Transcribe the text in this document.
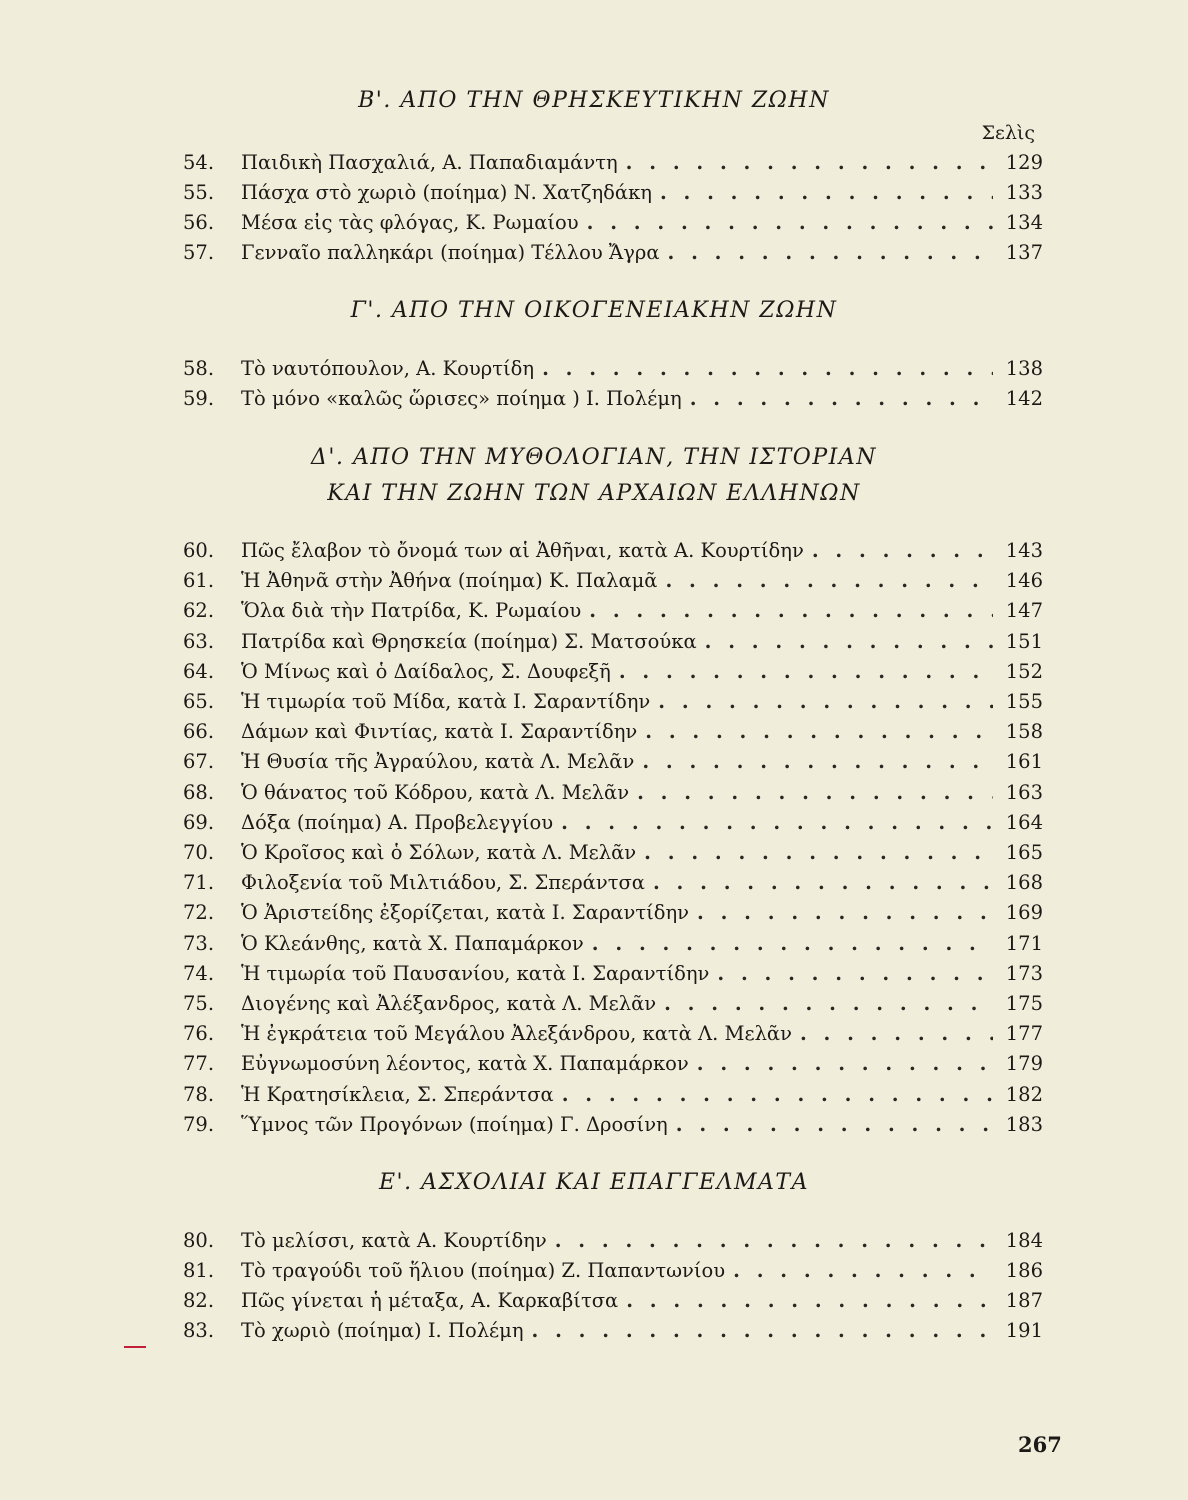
Β'. ΑΠΟ ΤΗΝ ΘΡΗΣΚΕΥΤΙΚΗΝ ΖΩΗΝ
Σελὶς
54.	Παιδικὴ Πασχαλιά, Α. Παπαδιαμάντη . . .	129
55.	Πάσχα στὸ χωριὸ (ποίημα) Ν. Χατζηδάκη . . .	133
56.	Μέσα εἰς τὰς φλόγας, Κ. Ρωμαίου . . .	134
57.	Γενναῖο παλληκάρι (ποίημα) Τέλλου Ἄγρα . . .	137
Γ'. ΑΠΟ ΤΗΝ ΟΙΚΟΓΕΝΕΙΑΚΗΝ ΖΩΗΝ
58.	Τὸ ναυτόπουλον, Α. Κουρτίδη . . .	138
59.	Τὸ μόνο «καλῶς ὥρισες» ποίημα ) Ι. Πολέμη . . .	142
Δ'. ΑΠΟ ΤΗΝ ΜΥΘΟΛΟΓΙΑΝ, ΤΗΝ ΙΣΤΟΡΙΑΝ
ΚΑΙ ΤΗΝ ΖΩΗΝ ΤΩΝ ΑΡΧΑΙΩΝ ΕΛΛΗΝΩΝ
60.	Πῶς ἔλαβον τὸ ὄνομά των αἱ Ἀθῆναι, κατὰ Α. Κουρτίδην . . .	143
61.	Ἡ Ἀθηνᾶ στὴν Ἀθήνα (ποίημα) Κ. Παλαμᾶ . . .	146
62.	Ὅλα διὰ τὴν Πατρίδα, Κ. Ρωμαίου . . .	147
63.	Πατρίδα καὶ Θρησκεία (ποίημα) Σ. Ματσούκα . . .	151
64.	Ὁ Μίνως καὶ ὁ Δαίδαλος, Σ. Δουφεξῆ . . .	152
65.	Ἡ τιμωρία τοῦ Μίδα, κατὰ Ι. Σαραντίδην . . .	155
66.	Δάμων καὶ Φιντίας, κατὰ Ι. Σαραντίδην . . .	158
67.	Ἡ Θυσία τῆς Ἀγραύλου, κατὰ Λ. Μελᾶν . . .	161
68.	Ὁ θάνατος τοῦ Κόδρου, κατὰ Λ. Μελᾶν . . .	163
69.	Δόξα (ποίημα) Α. Προβελεγγίου . . .	164
70.	Ὁ Κροῖσος καὶ ὁ Σόλων, κατὰ Λ. Μελᾶν . . .	165
71.	Φιλοξενία τοῦ Μιλτιάδου, Σ. Σπεράντσα . . .	168
72.	Ὁ Ἀριστείδης ἐξορίζεται, κατὰ Ι. Σαραντίδην . . .	169
73.	Ὁ Κλεάνθης, κατὰ Χ. Παπαμάρκον . . .	171
74.	Ἡ τιμωρία τοῦ Παυσανίου, κατὰ Ι. Σαραντίδην . . .	173
75.	Διογένης καὶ Ἀλέξανδρος, κατὰ Λ. Μελᾶν . . .	175
76.	Ἡ ἐγκράτεια τοῦ Μεγάλου Ἀλεξάνδρου, κατὰ Λ. Μελᾶν . . .	177
77.	Εὐγνωμοσύνη λέοντος, κατὰ Χ. Παπαμάρκον . . .	179
78.	Ἡ Κρατησίκλεια, Σ. Σπεράντσα . . .	182
79.	Ὕμνος τῶν Προγόνων (ποίημα) Γ. Δροσίνη . . .	183
Ε'. ΑΣΧΟΛΙΑΙ ΚΑΙ ΕΠΑΓΓΕΛΜΑΤΑ
80.	Τὸ μελίσσι, κατὰ Α. Κουρτίδην . . .	184
81.	Τὸ τραγούδι τοῦ ἥλιου (ποίημα) Ζ. Παπαντωνίου . . .	186
82.	Πῶς γίνεται ἡ μέταξα, Α. Καρκαβίτσα . . .	187
83.	Τὸ χωριὸ (ποίημα) Ι. Πολέμη . . .	191
267
